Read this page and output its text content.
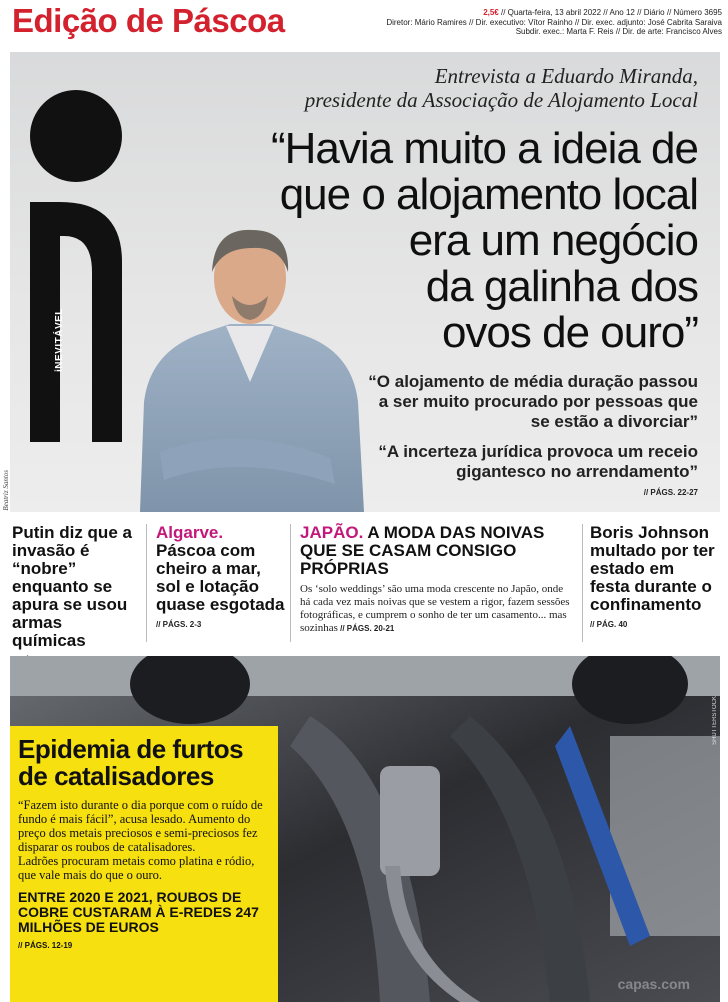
Edição de Páscoa	2,5€ // Quarta-feira, 13 abril 2022 // Ano 12 // Diário // Número 3695
Diretor: Mário Ramires // Dir. executivo: Vítor Rainho // Dir. exec. adjunto: José Cabrita Saraiva
Subdir. exec.: Marta F. Reis // Dir. de arte: Francisco Alves
Beatriz Santos
iNEVITÁVEL
Entrevista a Eduardo Miranda,
presidente da Associação de Alojamento Local
“Havia muito a ideia de
que o alojamento local
era um negócio
da galinha dos
ovos de ouro”
“O alojamento de média duração passou a ser muito procurado por pessoas que se estão a divorciar”
“A incerteza jurídica provoca um receio gigantesco no arrendamento”
// PÁGS. 22-27
Putin diz que a invasão é “nobre” enquanto se apura se usou armas químicas
Algarve. Páscoa com cheiro a mar, sol e lotação quase esgotada
// PÁGS. 2-3
JAPÃO. A MODA DAS NOIVAS QUE SE CASAM CONSIGO PRÓPRIAS

Os ‘solo weddings’ são uma moda crescente no Japão, onde há cada vez mais noivas que se vestem a rigor, fazem sessões fotográficas, e cumprem o sonho de ter um casamento... mas sozinhas // PÁGS. 20-21

Boris Johnson multado por ter estado em festa durante o confinamento
// PÁG. 40
SHUTTERSTOCK
capas.com
Epidemia de furtos de catalisadores

“Fazem isto durante o dia porque com o ruído de fundo é mais fácil”, acusa lesado. Aumento do preço dos metais preciosos e semi-preciosos fez disparar os roubos de catalisadores.
Ladrões procuram metais como platina e ródio, que vale mais do que o ouro.

ENTRE 2020 E 2021, ROUBOS DE COBRE CUSTARAM À E-REDES 247 MILHÕES DE EUROS
// PÁGS. 12-19
